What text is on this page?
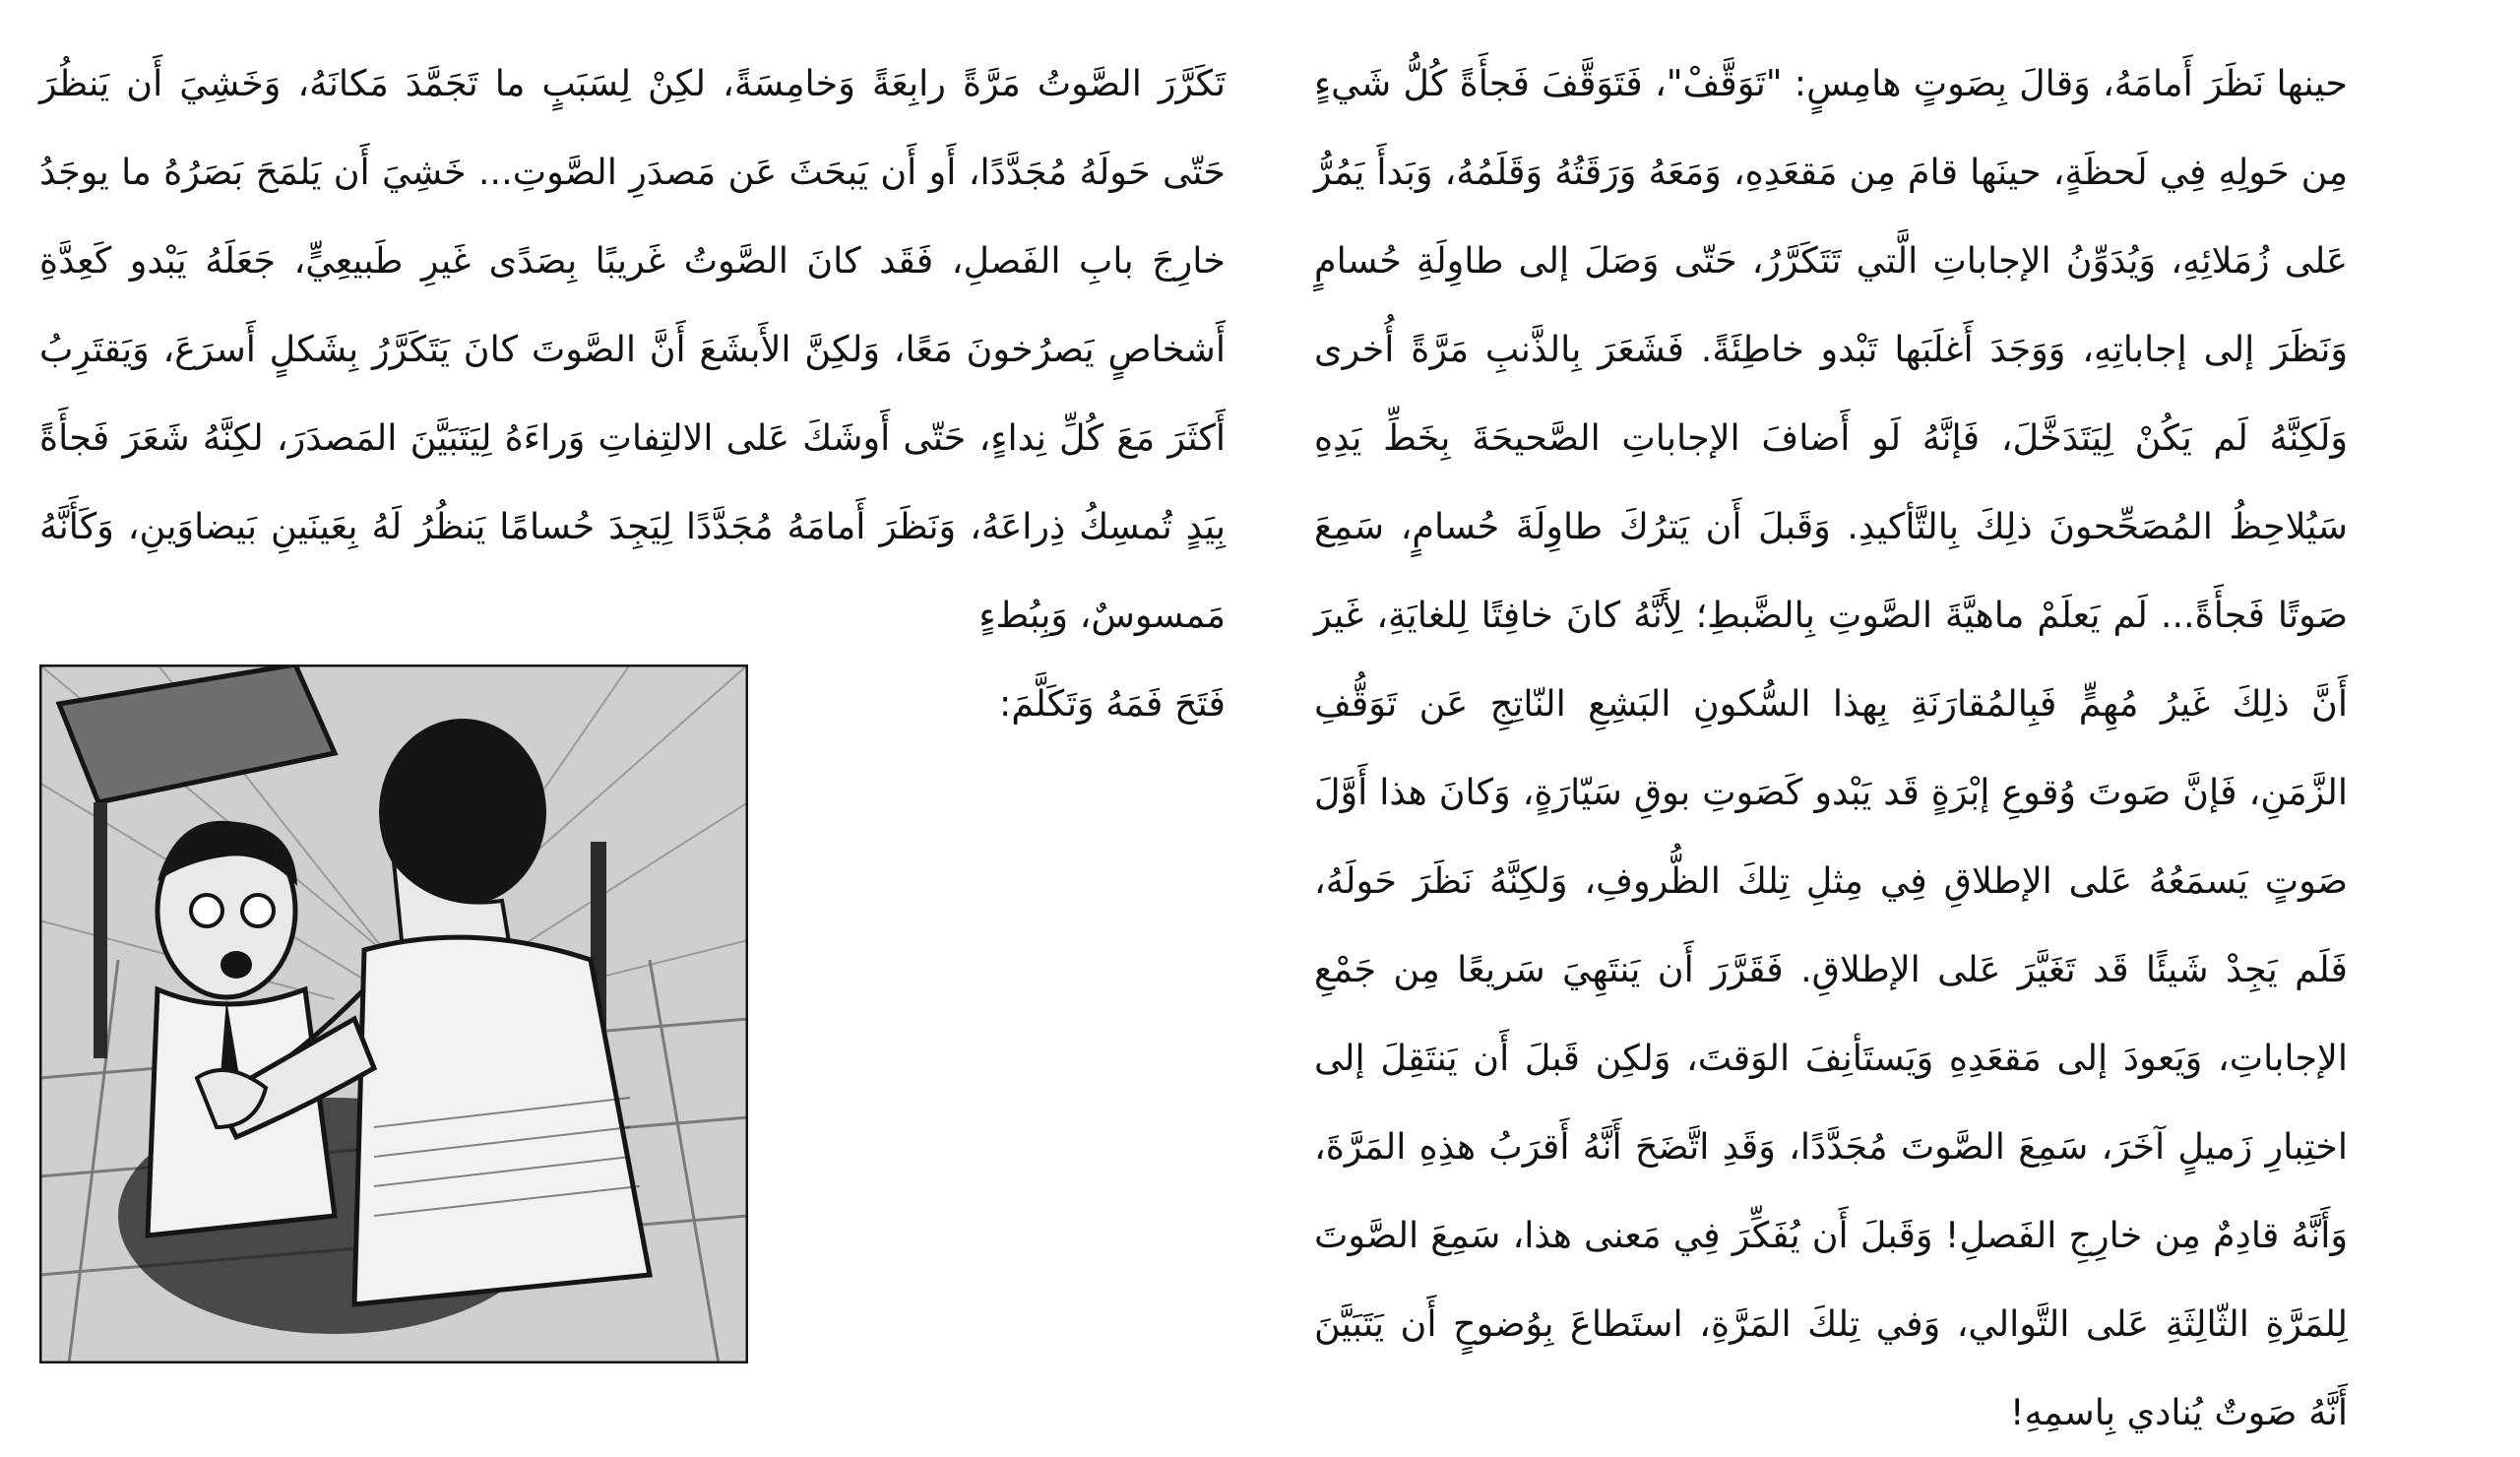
حينها نَظَرَ أَمامَهُ، وَقالَ بِصَوتٍ هامِسٍ: "تَوَقَّفْ"، فَتَوَقَّفَ فَجأَةً كُلُّ شَيءٍ مِن حَولِهِ فِي لَحظَةٍ، حينَها قامَ مِن مَقعَدِهِ، وَمَعَهُ وَرَقَتُهُ وَقَلَمُهُ، وَبَدأَ يَمُرُّ عَلى زُمَلائِهِ، وَيُدَوِّنُ الإجاباتِ الَّتي تَتَكَرَّرُ، حَتّى وَصَلَ إلى طاوِلَةِ حُسامٍ وَنَظَرَ إلى إجاباتِهِ، وَوَجَدَ أَغلَبَها تَبْدو خاطِئَةً. فَشَعَرَ بِالذَّنبِ مَرَّةً أُخرى وَلَكِنَّهُ لَم يَكُنْ لِيَتَدَخَّلَ، فَإنَّهُ لَو أَضافَ الإجاباتِ الصَّحيحَةَ بِخَطِّ يَدِهِ سَيُلاحِظُ المُصَحِّحونَ ذلِكَ بِالتَّأكيدِ. وَقَبلَ أَن يَترُكَ طاوِلَةَ حُسامٍ، سَمِعَ صَوتًا فَجأَةً... لَم يَعلَمْ ماهيَّةَ الصَّوتِ بِالضَّبطِ؛ لِأَنَّهُ كانَ خافِتًا لِلغايَةِ، غَيرَ أَنَّ ذلِكَ غَيرُ مُهِمٍّ فَبِالمُقارَنَةِ بِهذا السُّكونِ البَشِعِ النّاتِجِ عَن تَوَقُّفِ الزَّمَنِ، فَإنَّ صَوتَ وُقوعِ إبْرَةٍ قَد يَبْدو كَصَوتِ بوقِ سَيّارَةٍ، وَكانَ هذا أَوَّلَ صَوتٍ يَسمَعُهُ عَلى الإطلاقِ فِي مِثلِ تِلكَ الظُّروفِ، وَلكِنَّهُ نَظَرَ حَولَهُ، فَلَم يَجِدْ شَيئًا قَد تَغَيَّرَ عَلى الإطلاقِ. فَقَرَّرَ أَن يَنتَهِيَ سَريعًا مِن جَمْعِ الإجاباتِ، وَيَعودَ إلى مَقعَدِهِ وَيَستَأنِفَ الوَقتَ، وَلكِن قَبلَ أَن يَنتَقِلَ إلى اختِبارِ زَميلٍ آخَرَ، سَمِعَ الصَّوتَ مُجَدَّدًا، وَقَدِ اتَّضَحَ أَنَّهُ أَقرَبُ هذِهِ المَرَّةَ، وَأَنَّهُ قادِمٌ مِن خارِجِ الفَصلِ! وَقَبلَ أَن يُفَكِّرَ فِي مَعنى هذا، سَمِعَ الصَّوتَ لِلمَرَّةِ الثّالِثَةِ عَلى التَّوالي، وَفي تِلكَ المَرَّةِ، استَطاعَ بِوُضوحٍ أَن يَتَبَيَّنَ أَنَّهُ صَوتٌ يُنادي بِاسمِهِ!

تَكَرَّرَ الصَّوتُ مَرَّةً رابِعَةً وَخامِسَةً، لكِنْ لِسَبَبٍ ما تَجَمَّدَ مَكانَهُ، وَخَشِيَ أَن يَنظُرَ حَتّى حَولَهُ مُجَدَّدًا، أَو أَن يَبحَثَ عَن مَصدَرِ الصَّوتِ... خَشِيَ أَن يَلمَحَ بَصَرُهُ ما يوجَدُ خارِجَ بابِ الفَصلِ، فَقَد كانَ الصَّوتُ غَريبًا بِصَدًى غَيرِ طَبيعِيٍّ، جَعَلَهُ يَبْدو كَعِدَّةِ أَشخاصٍ يَصرُخونَ مَعًا، وَلكِنَّ الأَبشَعَ أَنَّ الصَّوتَ كانَ يَتَكَرَّرُ بِشَكلٍ أَسرَعَ، وَيَقتَرِبُ أَكثَرَ مَعَ كُلِّ نِداءٍ، حَتّى أَوشَكَ عَلى الالتِفاتِ وَراءَهُ لِيَتَبَيَّنَ المَصدَرَ، لكِنَّهُ شَعَرَ فَجأَةً بِيَدٍ تُمسِكُ ذِراعَهُ، وَنَظَرَ أَمامَهُ مُجَدَّدًا لِيَجِدَ حُسامًا يَنظُرُ لَهُ بِعَينَينِ بَيضاوَينِ، وَكَأَنَّهُ مَمسوسٌ، وَبِبُطءٍ

فَتَحَ فَمَهُ وَتَكَلَّمَ:
